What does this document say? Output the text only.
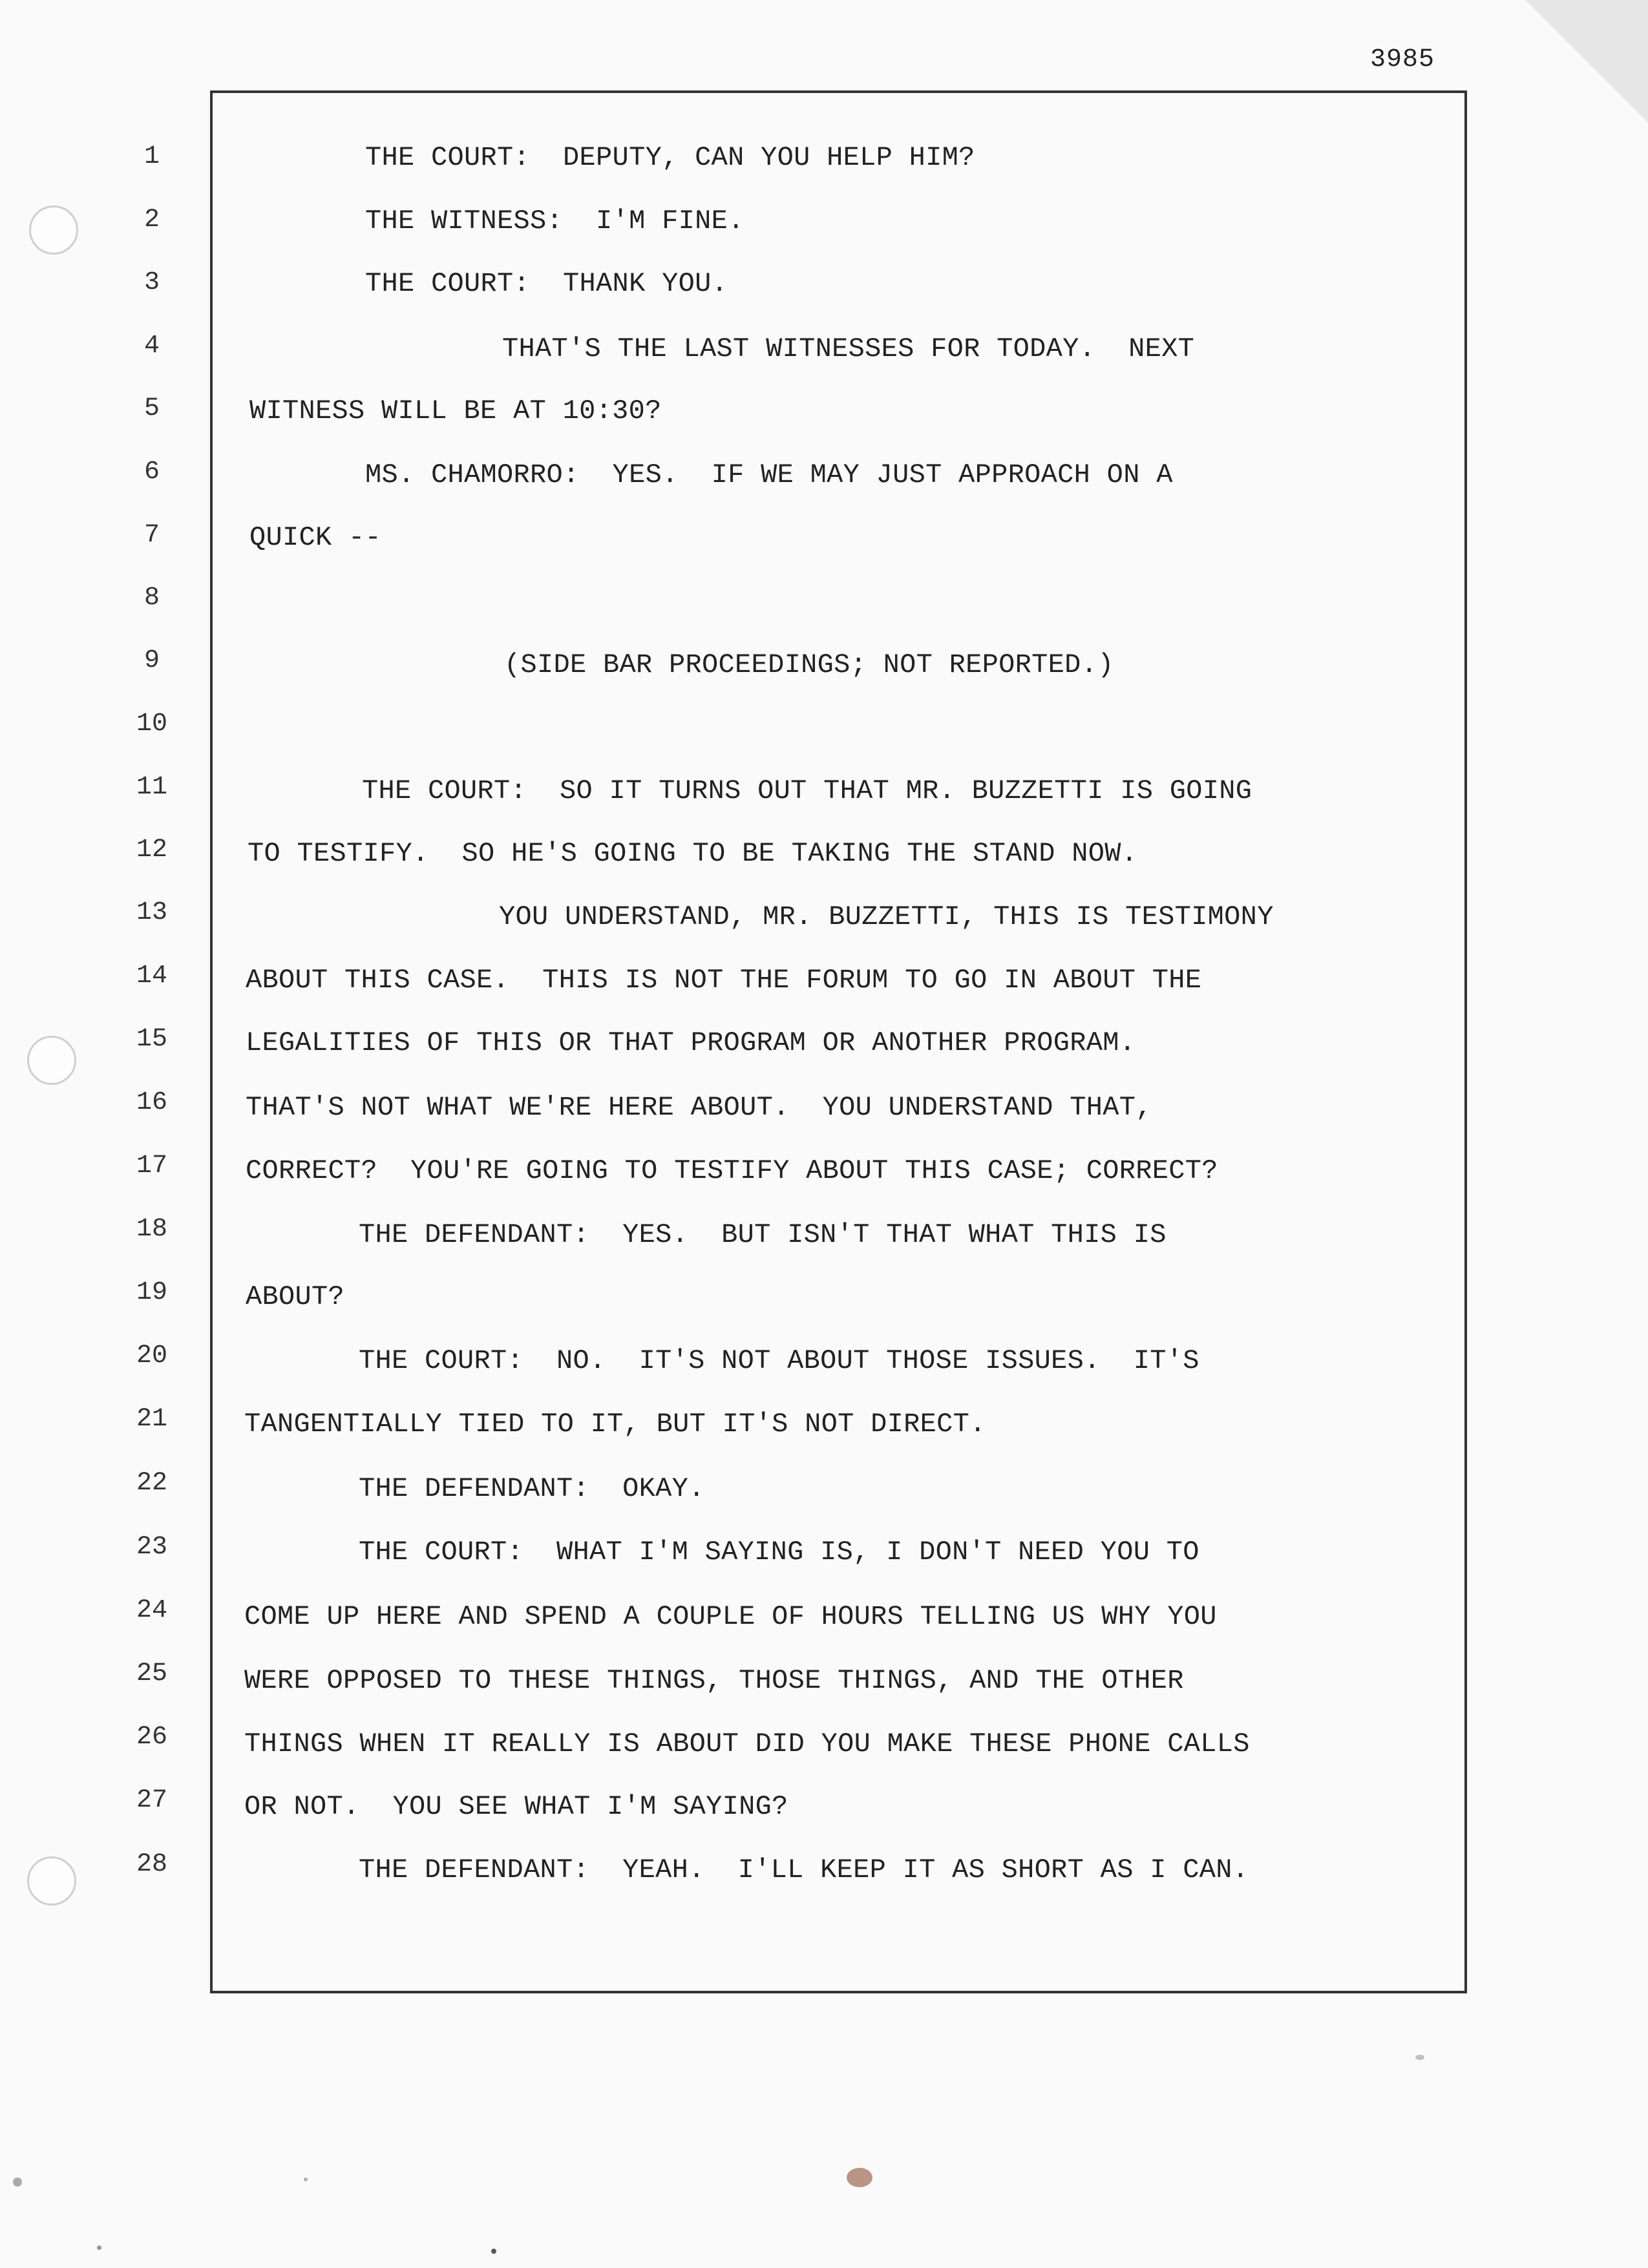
3985
1	THE COURT:  DEPUTY, CAN YOU HELP HIM?
2	THE WITNESS:  I'M FINE.
3	THE COURT:  THANK YOU.
4	THAT'S THE LAST WITNESSES FOR TODAY.  NEXT
5	WITNESS WILL BE AT 10:30?
6	MS. CHAMORRO:  YES.  IF WE MAY JUST APPROACH ON A
7	QUICK --
8
9	(SIDE BAR PROCEEDINGS; NOT REPORTED.)
10
11	THE COURT:  SO IT TURNS OUT THAT MR. BUZZETTI IS GOING
12	TO TESTIFY.  SO HE'S GOING TO BE TAKING THE STAND NOW.
13	YOU UNDERSTAND, MR. BUZZETTI, THIS IS TESTIMONY
14	ABOUT THIS CASE.  THIS IS NOT THE FORUM TO GO IN ABOUT THE
15	LEGALITIES OF THIS OR THAT PROGRAM OR ANOTHER PROGRAM.
16	THAT'S NOT WHAT WE'RE HERE ABOUT.  YOU UNDERSTAND THAT,
17	CORRECT?  YOU'RE GOING TO TESTIFY ABOUT THIS CASE; CORRECT?
18	THE DEFENDANT:  YES.  BUT ISN'T THAT WHAT THIS IS
19	ABOUT?
20	THE COURT:  NO.  IT'S NOT ABOUT THOSE ISSUES.  IT'S
21	TANGENTIALLY TIED TO IT, BUT IT'S NOT DIRECT.
22	THE DEFENDANT:  OKAY.
23	THE COURT:  WHAT I'M SAYING IS, I DON'T NEED YOU TO
24	COME UP HERE AND SPEND A COUPLE OF HOURS TELLING US WHY YOU
25	WERE OPPOSED TO THESE THINGS, THOSE THINGS, AND THE OTHER
26	THINGS WHEN IT REALLY IS ABOUT DID YOU MAKE THESE PHONE CALLS
27	OR NOT.  YOU SEE WHAT I'M SAYING?
28	THE DEFENDANT:  YEAH.  I'LL KEEP IT AS SHORT AS I CAN.
